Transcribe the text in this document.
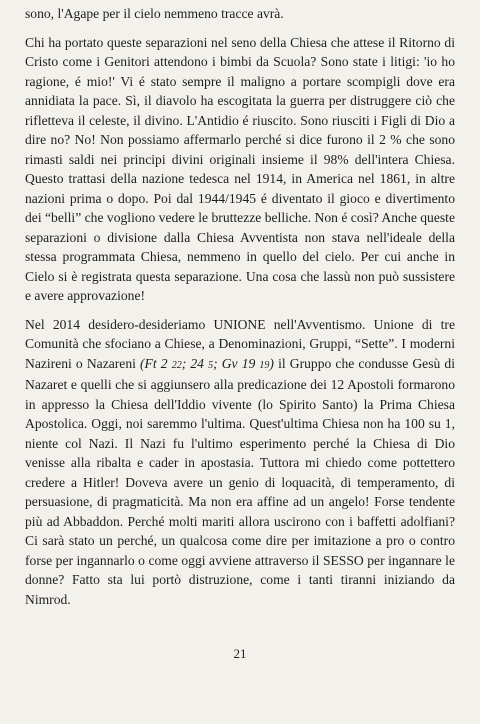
sono, l'Agape per il cielo nemmeno tracce avrà.

Chi ha portato queste separazioni nel seno della Chiesa che attese il Ritorno di Cristo come i Genitori attendono i bimbi da Scuola? Sono state i litigi: 'io ho ragione, é mio!' Vi é stato sempre il maligno a portare scompigli dove era annidiata la pace. Sì, il diavolo ha escogitata la guerra per distruggere ciò che rifletteva il celeste, il divino. L'Antidio é riuscito. Sono riusciti i Figli di Dio a dire no? No! Non possiamo affermarlo perché si dice furono il 2 % che sono rimasti saldi nei principi divini originali insieme il 98% dell'intera Chiesa. Questo trattasi della nazione tedesca nel 1914, in America nel 1861, in altre nazioni prima o dopo. Poi dal 1944/1945 é diventato il gioco e divertimento dei “belli” che vogliono vedere le bruttezze belliche. Non é così? Anche queste separazioni o divisione dalla Chiesa Avventista non stava nell'ideale della stessa programmata Chiesa, nemmeno in quello del cielo. Per cui anche in Cielo si è registrata questa separazione. Una cosa che lassù non può sussistere e avere approvazione!

Nel 2014 desidero-desideriamo UNIONE nell'Avventismo. Unione di tre Comunità che sfociano a Chiese, a Denominazioni, Gruppi, “Sette”. I moderni Nazireni o Nazareni (Ft 2 22; 24 5; Gv 19 19) il Gruppo che condusse Gesù di Nazaret e quelli che si aggiunsero alla predicazione dei 12 Apostoli formarono in appresso la Chiesa dell'Iddio vivente (lo Spirito Santo) la Prima Chiesa Apostolica. Oggi, noi saremmo l'ultima. Quest'ultima Chiesa non ha 100 su 1, niente col Nazi. Il Nazi fu l'ultimo esperimento perché la Chiesa di Dio venisse alla ribalta e cader in apostasia. Tuttora mi chiedo come pottettero credere a Hitler! Doveva avere un genio di loquacità, di temperamento, di persuasione, di pragmaticità. Ma non era affine ad un angelo! Forse tendente più ad Abbaddon. Perché molti mariti allora uscirono con i baffetti adolfiani? Ci sarà stato un perché, un qualcosa come dire per imitazione a pro o contro forse per ingannarlo o come oggi avviene attraverso il SESSO per ingannare le donne? Fatto sta lui portò distruzione, come i tanti tiranni iniziando da Nimrod.

21
